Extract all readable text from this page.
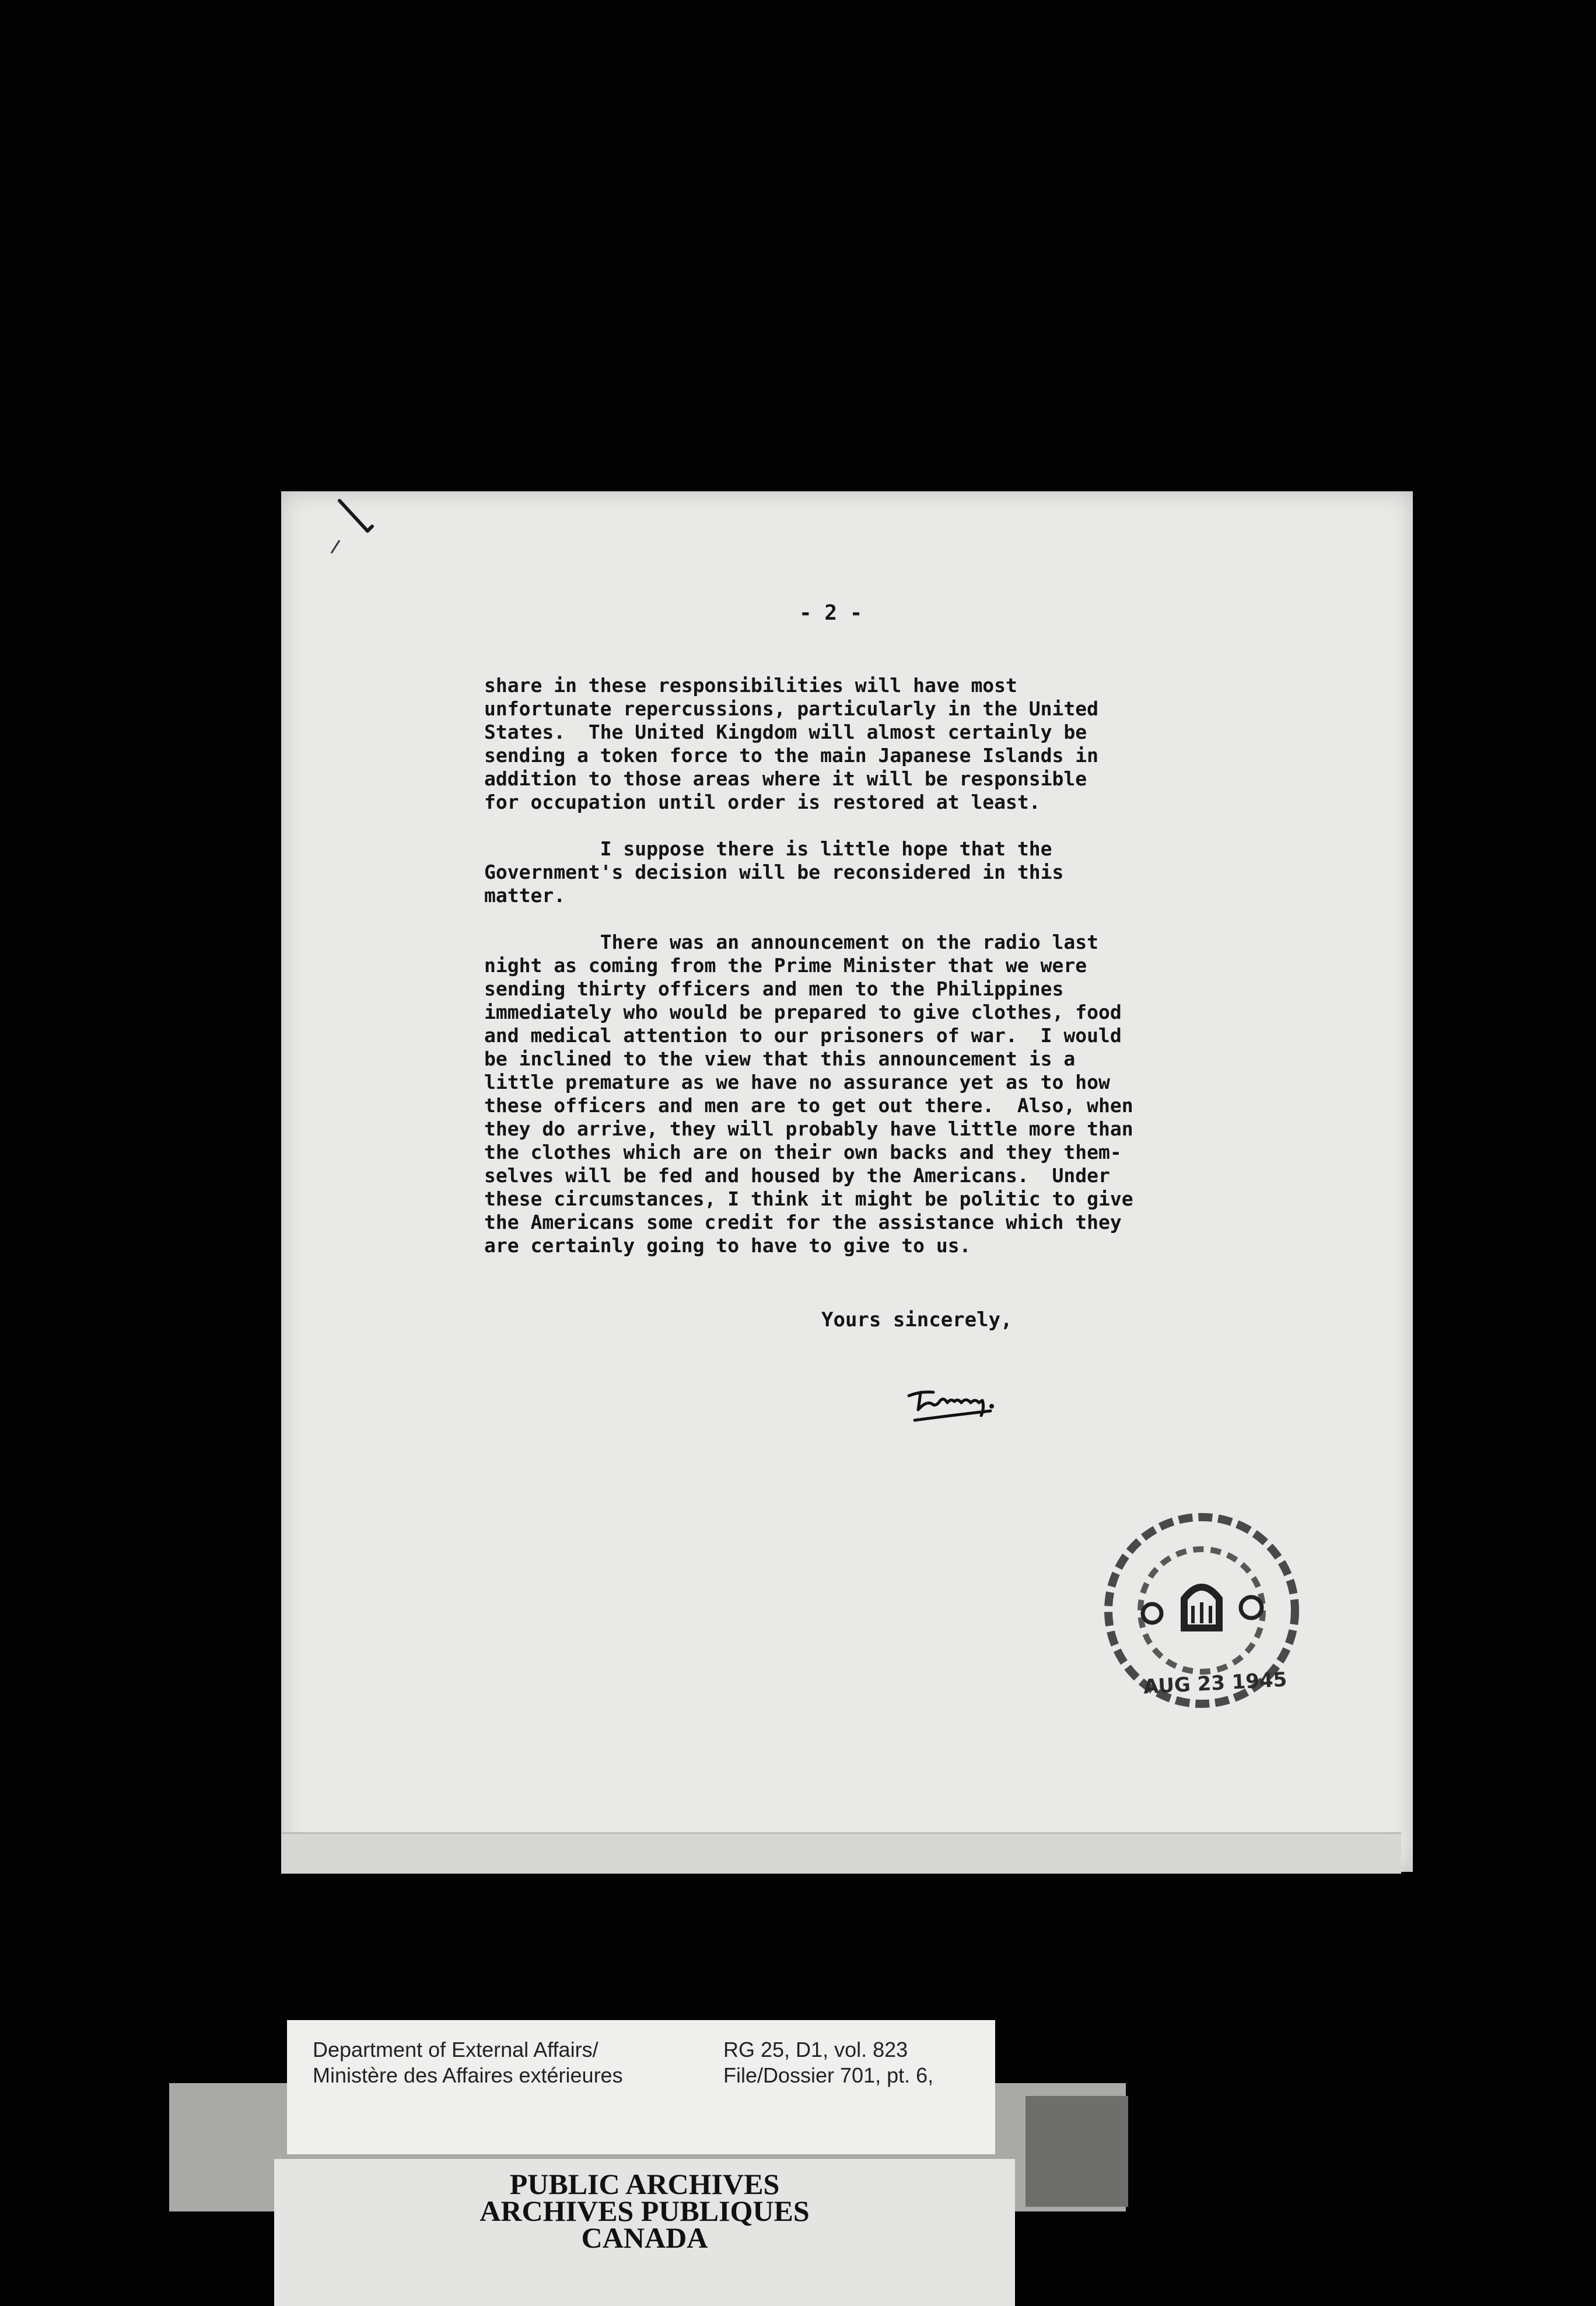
- 2 -

share in these responsibilities will have most
unfortunate repercussions, particularly in the United
States.  The United Kingdom will almost certainly be
sending a token force to the main Japanese Islands in
addition to those areas where it will be responsible
for occupation until order is restored at least.

I suppose there is little hope that the
Government's decision will be reconsidered in this
matter.

There was an announcement on the radio last
night as coming from the Prime Minister that we were
sending thirty officers and men to the Philippines
immediately who would be prepared to give clothes, food
and medical attention to our prisoners of war.  I would
be inclined to the view that this announcement is a
little premature as we have no assurance yet as to how
these officers and men are to get out there.  Also, when
they do arrive, they will probably have little more than
the clothes which are on their own backs and they them-
selves will be fed and housed by the Americans.  Under
these circumstances, I think it might be politic to give
the Americans some credit for the assistance which they
are certainly going to have to give to us.

Yours sincerely,
AUG 23 1945
Department of External Affairs/
Ministère des Affaires extérieures
RG 25, D1, vol. 823
File/Dossier 701, pt. 6,
PUBLIC ARCHIVES
ARCHIVES PUBLIQUES
CANADA
